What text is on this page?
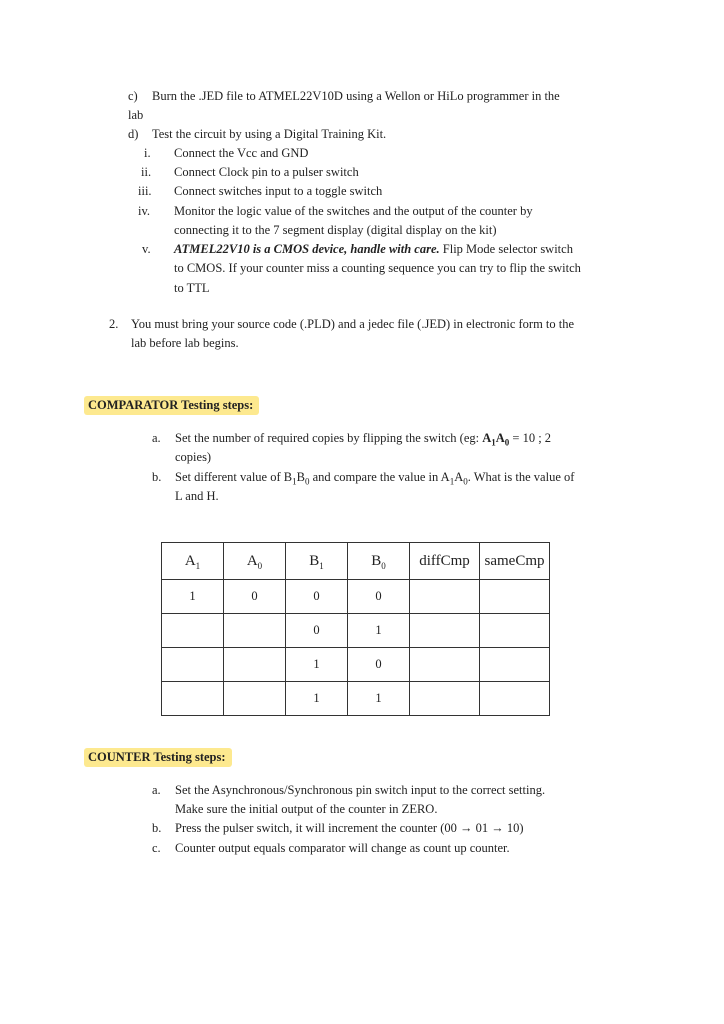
c) Burn the .JED file to ATMEL22V10D using a Wellon or HiLo programmer in the
lab
d) Test the circuit by using a Digital Training Kit.
i. Connect the Vcc and GND
ii. Connect Clock pin to a pulser switch
iii. Connect switches input to a toggle switch
iv. Monitor the logic value of the switches and the output of the counter by
connecting it to the 7 segment display (digital display on the kit)
v. ATMEL22V10 is a CMOS device, handle with care. Flip Mode selector switch
to CMOS. If your counter miss a counting sequence you can try to flip the switch
to TTL
2. You must bring your source code (.PLD) and a jedec file (.JED) in electronic form to the
lab before lab begins.
COMPARATOR Testing steps:
a. Set the number of required copies by flipping the switch (eg: $A_1A_0 = 10$ ; 2
copies)
b. Set different value of $B_1B_0$ and compare the value in $A_1A_0$. What is the value of
L and H.
$A_1$	$A_0$	$B_1$	$B_0$	diffCmp	sameCmp
1	0	0	0		
		0	1		
		1	0		
		1	1		
COUNTER Testing steps:
a. Set the Asynchronous/Synchronous pin switch input to the correct setting.
Make sure the initial output of the counter in ZERO.
b. Press the pulser switch, it will increment the counter (00 → 01 → 10)
c. Counter output equals comparator will change as count up counter.
